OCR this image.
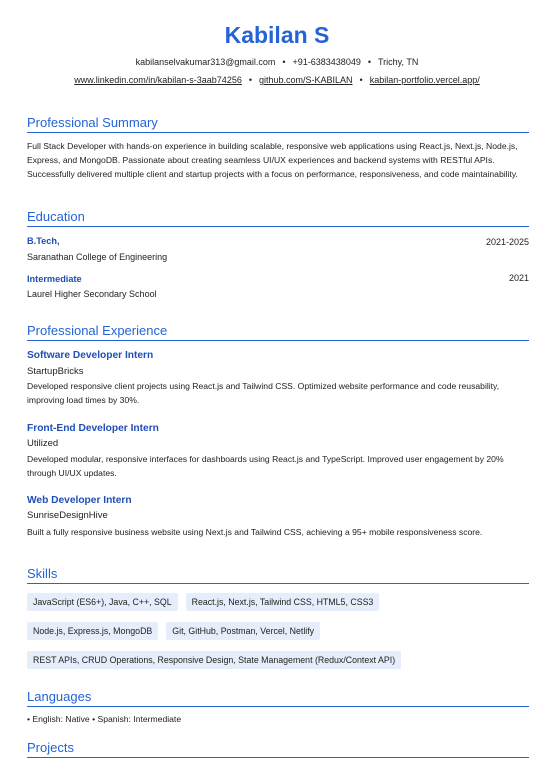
Kabilan S
kabilanselvakumar313@gmail.com • +91-6383438049 • Trichy, TN
www.linkedin.com/in/kabilan-s-3aab74256 • github.com/S-KABILAN • kabilan-portfolio.vercel.app/
Professional Summary
Full Stack Developer with hands-on experience in building scalable, responsive web applications using React.js, Next.js, Node.js, Express, and MongoDB. Passionate about creating seamless UI/UX experiences and backend systems with RESTful APIs. Successfully delivered multiple client and startup projects with a focus on performance, responsiveness, and code maintainability.
Education
B.Tech,	2021-2025
Saranathan College of Engineering
Intermediate	2021
Laurel Higher Secondary School
Professional Experience
Software Developer Intern
StartupBricks
Developed responsive client projects using React.js and Tailwind CSS. Optimized website performance and code reusability, improving load times by 30%.
Front-End Developer Intern
Utilized
Developed modular, responsive interfaces for dashboards using React.js and TypeScript. Improved user engagement by 20% through UI/UX updates.
Web Developer Intern
SunriseDesignHive
Built a fully responsive business website using Next.js and Tailwind CSS, achieving a 95+ mobile responsiveness score.
Skills
JavaScript (ES6+), Java, C++, SQL React.js, Next.js, Tailwind CSS, HTML5, CSS3
Node.js, Express.js, MongoDB Git, GitHub, Postman, Vercel, Netlify
REST APIs, CRUD Operations, Responsive Design, State Management (Redux/Context API)
Languages
• English: Native • Spanish: Intermediate
Projects
